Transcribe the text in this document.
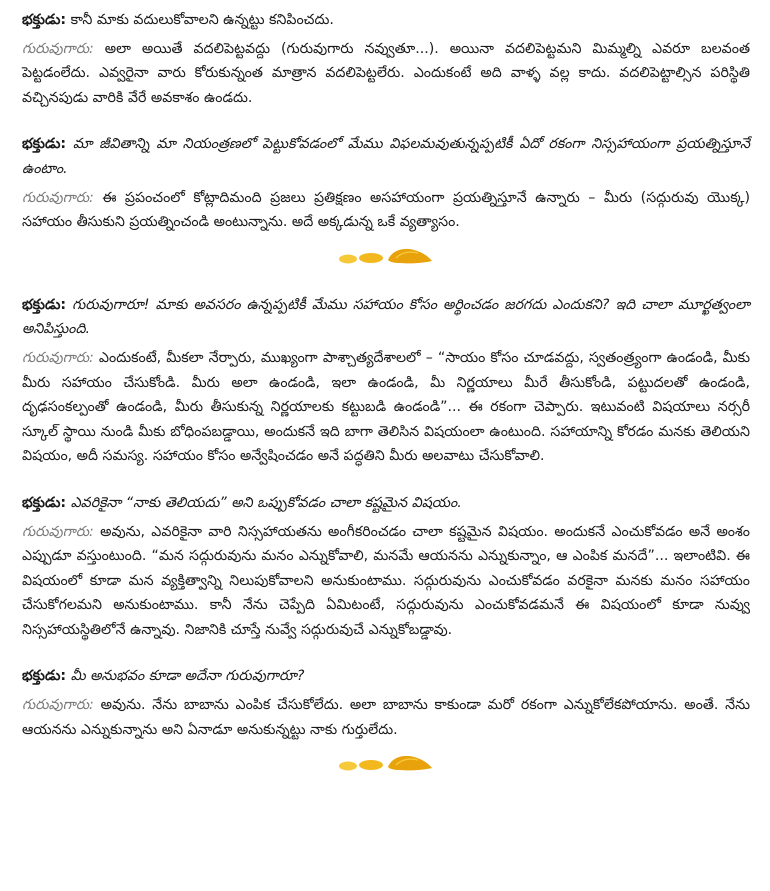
భక్తుడు: కానీ మాకు వదులుకోవాలని ఉన్నట్టు కనిపించదు.

గురువుగారు: అలా అయితే వదలిపెట్టవద్దు (గురువుగారు నవ్వుతూ...). అయినా వదలిపెట్టమని మిమ్మల్ని ఎవరూ బలవంత పెట్టడంలేదు. ఎవ్వరైనా వారు కోరుకున్నంత మాత్రాన వదలిపెట్టలేరు. ఎందుకంటే అది వాళ్ళ వల్ల కాదు. వదలిపెట్టాల్సిన పరిస్థితి వచ్చినపుడు వారికి వేరే అవకాశం ఉండదు.

భక్తుడు: మా జీవితాన్ని మా నియంత్రణలో పెట్టుకోవడంలో మేము విఫలమవుతున్నప్పటికీ ఏదో రకంగా నిస్సహాయంగా ప్రయత్నిస్తూనే ఉంటాం.

గురువుగారు: ఈ ప్రపంచంలో కోట్లాదిమంది ప్రజలు ప్రతిక్షణం అసహాయంగా ప్రయత్నిస్తూనే ఉన్నారు – మీరు (సద్గురువు యొక్క) సహాయం తీసుకుని ప్రయత్నించండి అంటున్నాను. అదే అక్కడున్న ఒకే వ్యత్యాసం.

భక్తుడు: గురువుగారూ! మాకు అవసరం ఉన్నప్పటికీ మేము సహాయం కోసం అర్థించడం జరగదు ఎందుకని? ఇది చాలా మూర్ఖత్వంలా అనిపిస్తుంది.

గురువుగారు: ఎందుకంటే, మీకలా నేర్పారు, ముఖ్యంగా పాశ్చాత్యదేశాలలో – “సాయం కోసం చూడవద్దు, స్వతంత్ర్యంగా ఉండండి, మీకు మీరు సహాయం చేసుకోండి. మీరు అలా ఉండండి, ఇలా ఉండండి, మీ నిర్ణయాలు మీరే తీసుకోండి, పట్టుదలతో ఉండండి, దృఢసంకల్పంతో ఉండండి, మీరు తీసుకున్న నిర్ణయాలకు కట్టుబడి ఉండండి”... ఈ రకంగా చెప్పారు. ఇటువంటి విషయాలు నర్సరీ స్కూల్ స్థాయి నుండి మీకు బోధింపబడ్డాయి, అందుకనే ఇది బాగా తెలిసిన విషయంలా ఉంటుంది. సహాయాన్ని కోరడం మనకు తెలియని విషయం, అదీ సమస్య. సహాయం కోసం అన్వేషించడం అనే పద్ధతిని మీరు అలవాటు చేసుకోవాలి.

భక్తుడు: ఎవరికైనా “నాకు తెలియదు” అని ఒప్పుకోవడం చాలా కష్టమైన విషయం.

గురువుగారు: అవును, ఎవరికైనా వారి నిస్సహాయతను అంగీకరించడం చాలా కష్టమైన విషయం. అందుకనే ఎంచుకోవడం అనే అంశం ఎప్పుడూ వస్తుంటుంది. “మన సద్గురువును మనం ఎన్నుకోవాలి, మనమే ఆయనను ఎన్నుకున్నాం, ఆ ఎంపిక మనదే”... ఇలాంటివి. ఈ విషయంలో కూడా మన వ్యక్తిత్వాన్ని నిలుపుకోవాలని అనుకుంటాము. సద్గురువును ఎంచుకోవడం వరకైనా మనకు మనం సహాయం చేసుకోగలమని అనుకుంటాము. కానీ నేను చెప్పేది ఏమిటంటే, సద్గురువును ఎంచుకోవడమనే ఈ విషయంలో కూడా నువ్వు నిస్సహాయస్థితిలోనే ఉన్నావు. నిజానికి చూస్తే నువ్వే సద్గురువుచే ఎన్నుకోబడ్డావు.

భక్తుడు: మీ అనుభవం కూడా అదేనా గురువుగారూ?

గురువుగారు: అవును. నేను బాబాను ఎంపిక చేసుకోలేదు. అలా బాబాను కాకుండా మరో రకంగా ఎన్నుకోలేకపోయాను. అంతే. నేను ఆయనను ఎన్నుకున్నాను అని ఏనాడూ అనుకున్నట్టు నాకు గుర్తులేదు.
